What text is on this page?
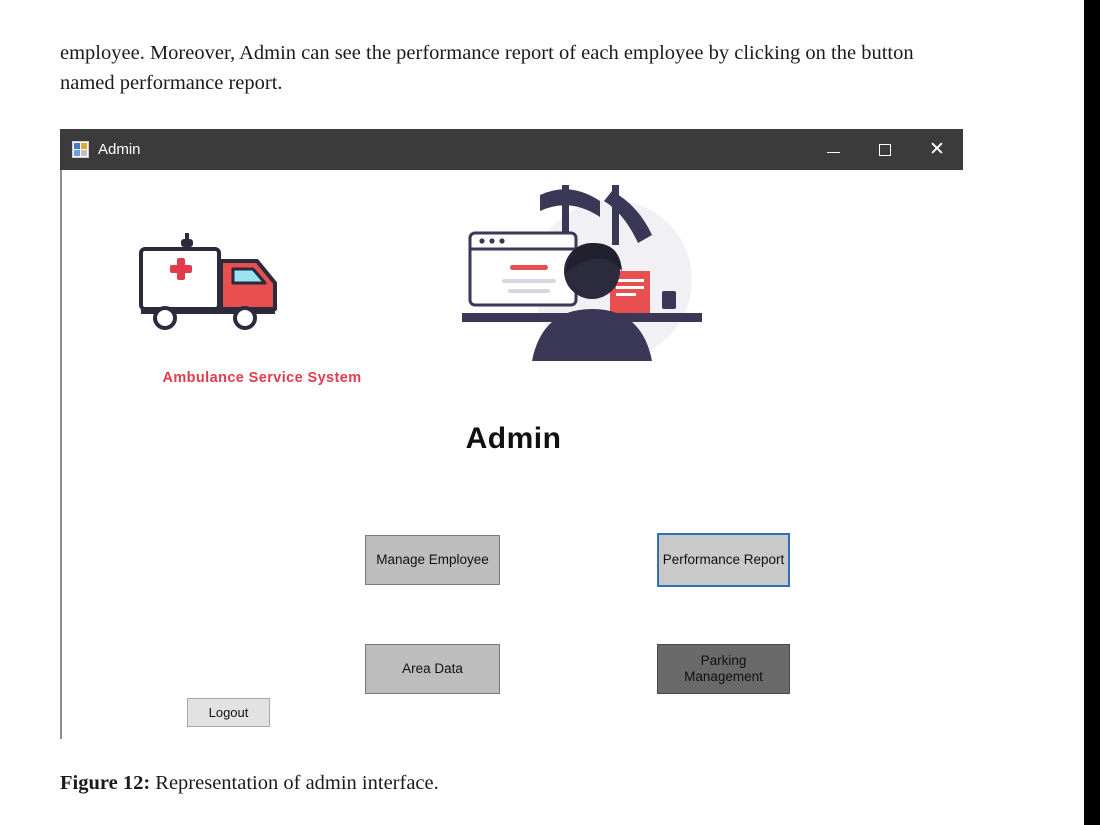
employee. Moreover, Admin can see the performance report of each employee by clicking on the button named performance report.
Admin	✕
Ambulance Service System
Admin
Manage Employee	Performance Report
Area Data
Parking
Management
Logout
Figure 12: Representation of admin interface.
